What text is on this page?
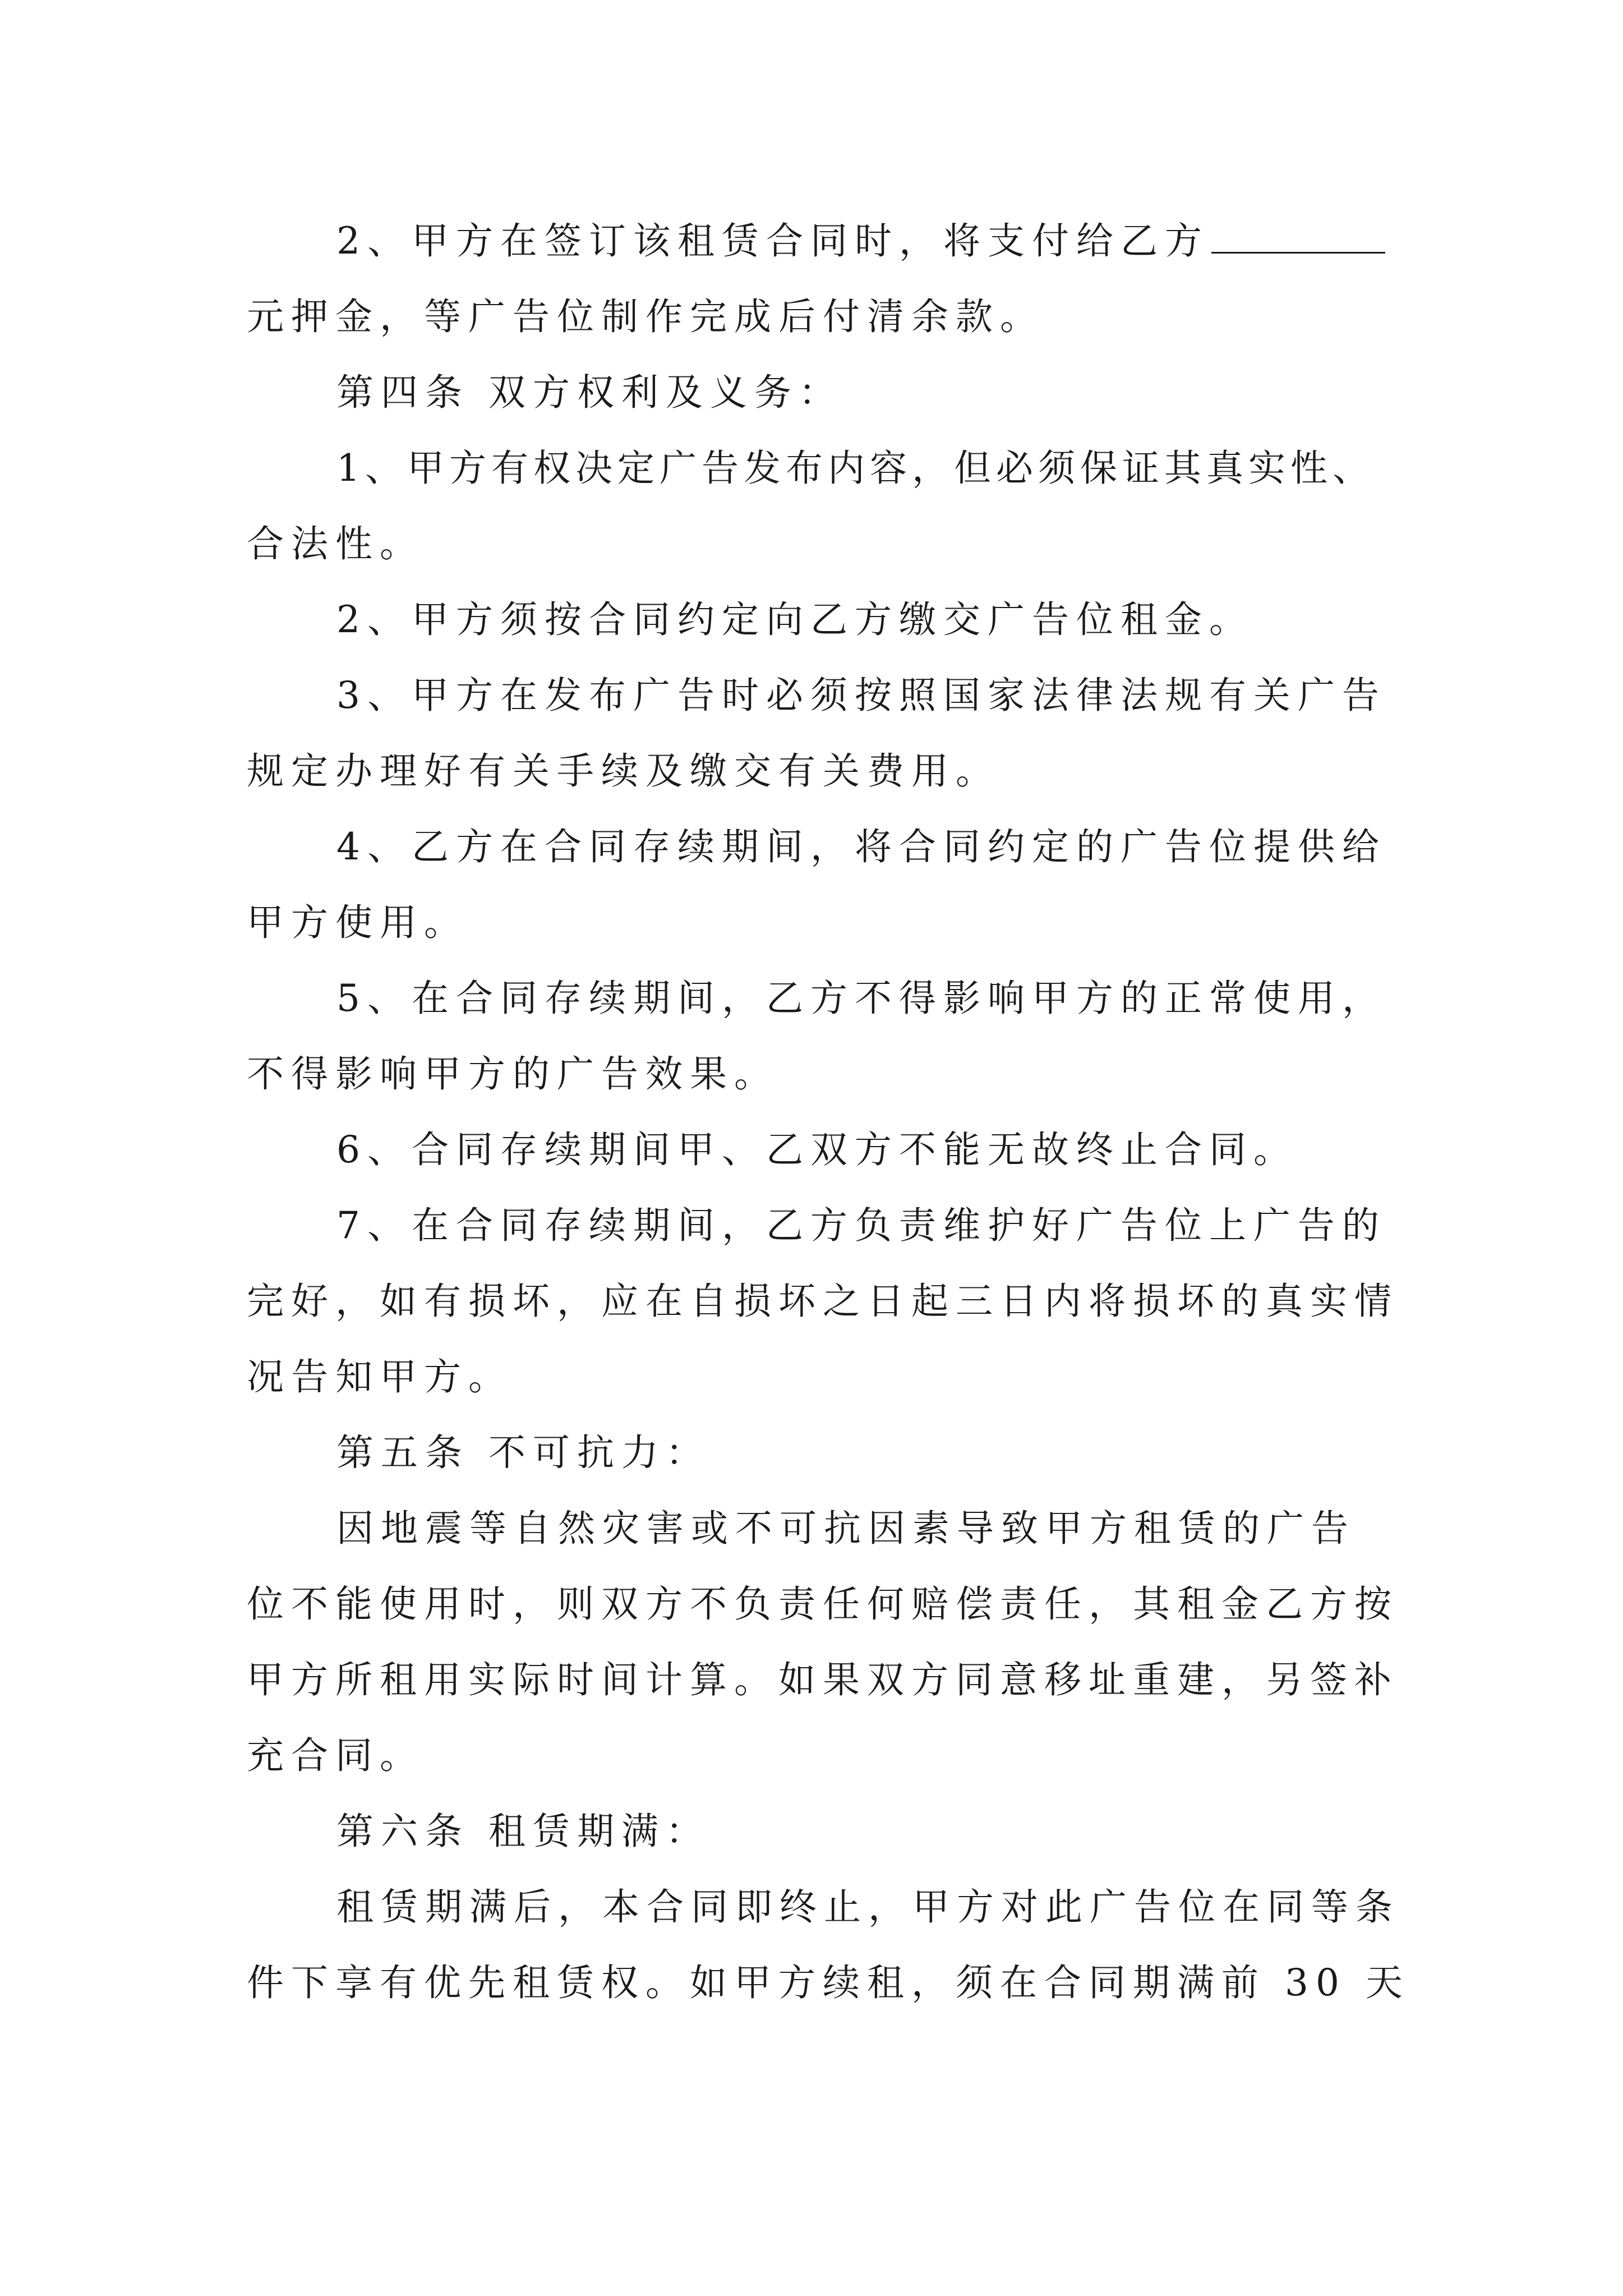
2、甲方在签订该租赁合同时，将支付给乙方

元押金，等广告位制作完成后付清余款。

第四条 双方权利及义务：

1、甲方有权决定广告发布内容，但必须保证其真实性、

合法性。

2、甲方须按合同约定向乙方缴交广告位租金。

3、甲方在发布广告时必须按照国家法律法规有关广告

规定办理好有关手续及缴交有关费用。

4、乙方在合同存续期间，将合同约定的广告位提供给

甲方使用。

5、在合同存续期间，乙方不得影响甲方的正常使用，

不得影响甲方的广告效果。

6、合同存续期间甲、乙双方不能无故终止合同。

7、在合同存续期间，乙方负责维护好广告位上广告的

完好，如有损坏，应在自损坏之日起三日内将损坏的真实情

况告知甲方。

第五条 不可抗力：

因地震等自然灾害或不可抗因素导致甲方租赁的广告

位不能使用时，则双方不负责任何赔偿责任，其租金乙方按

甲方所租用实际时间计算。如果双方同意移址重建，另签补

充合同。

第六条 租赁期满：

租赁期满后，本合同即终止，甲方对此广告位在同等条

件下享有优先租赁权。如甲方续租，须在合同期满前 30 天
